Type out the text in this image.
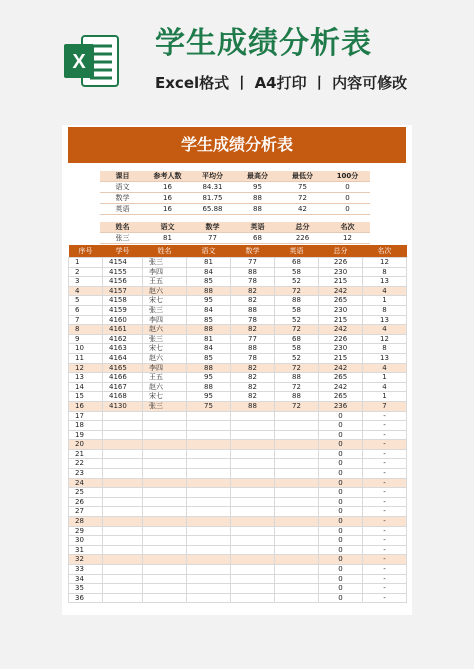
X
学生成绩分析表
Excel格式 丨 A4打印 丨 内容可修改
学生成绩分析表
课目	参考人数	平均分	最高分	最低分	100分
语文	16	84.31	95	75	0
数学	16	81.75	88	72	0
英语	16	65.88	88	42	0
姓名	语文	数学	英语	总分	名次
张三	81	77	68	226	12
序号	学号	姓名	语文	数学	英语	总分	名次
1	4154	张三	81	77	68	226	12
2	4155	李四	84	88	58	230	8
3	4156	王五	85	78	52	215	13
4	4157	赵六	88	82	72	242	4
5	4158	宋七	95	82	88	265	1
6	4159	张三	84	88	58	230	8
7	4160	李四	85	78	52	215	13
8	4161	赵六	88	82	72	242	4
9	4162	张三	81	77	68	226	12
10	4163	宋七	84	88	58	230	8
11	4164	赵六	85	78	52	215	13
12	4165	李四	88	82	72	242	4
13	4166	王五	95	82	88	265	1
14	4167	赵六	88	82	72	242	4
15	4168	宋七	95	82	88	265	1
16	4130	张三	75	88	72	236	7
17						0	-
18						0	-
19						0	-
20						0	-
21						0	-
22						0	-
23						0	-
24						0	-
25						0	-
26						0	-
27						0	-
28						0	-
29						0	-
30						0	-
31						0	-
32						0	-
33						0	-
34						0	-
35						0	-
36						0	-
